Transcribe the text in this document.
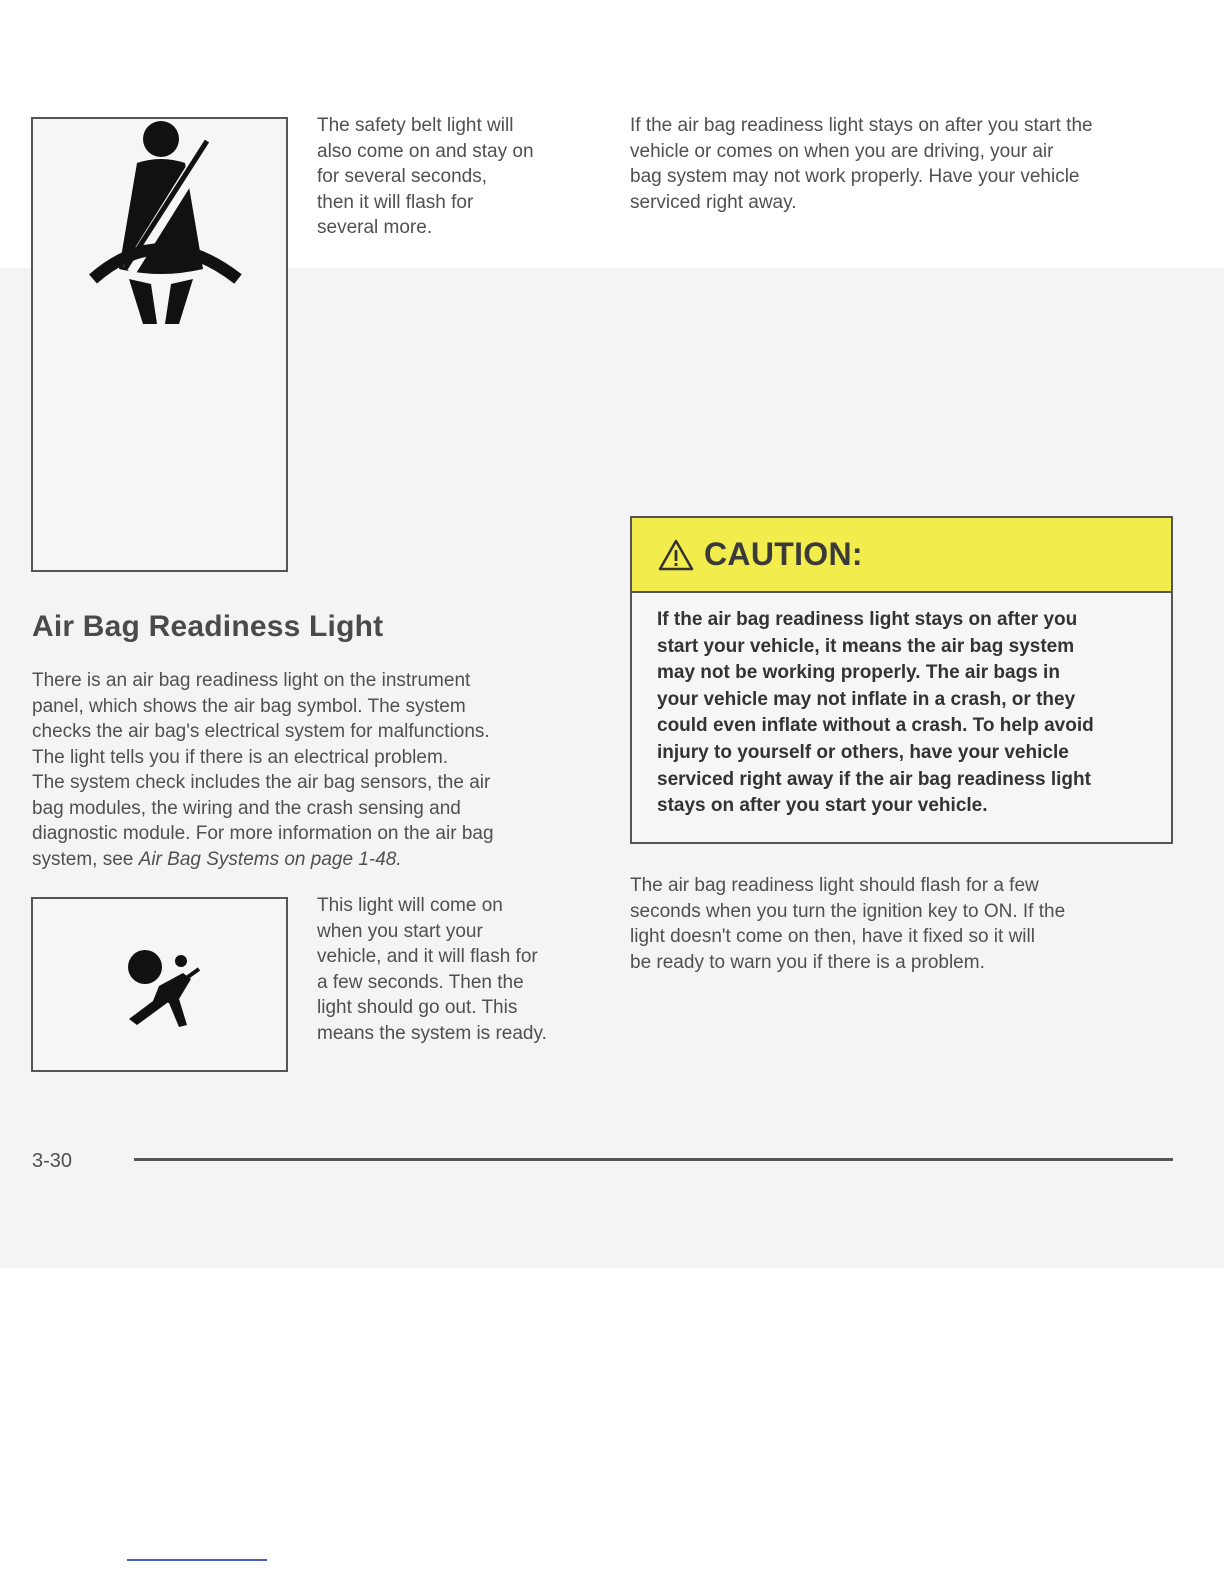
The safety belt light will
also come on and stay on
for several seconds,
then it will flash for
several more.
Air Bag Readiness Light
There is an air bag readiness light on the instrument
panel, which shows the air bag symbol. The system
checks the air bag's electrical system for malfunctions.
The light tells you if there is an electrical problem.
The system check includes the air bag sensors, the air
bag modules, the wiring and the crash sensing and
diagnostic module. For more information on the air bag
system, see Air Bag Systems on page 1-48.
This light will come on
when you start your
vehicle, and it will flash for
a few seconds. Then the
light should go out. This
means the system is ready.
If the air bag readiness light stays on after you start the
vehicle or comes on when you are driving, your air
bag system may not work properly. Have your vehicle
serviced right away.
CAUTION:
If the air bag readiness light stays on after you
start your vehicle, it means the air bag system
may not be working properly. The air bags in
your vehicle may not inflate in a crash, or they
could even inflate without a crash. To help avoid
injury to yourself or others, have your vehicle
serviced right away if the air bag readiness light
stays on after you start your vehicle.
The air bag readiness light should flash for a few
seconds when you turn the ignition key to ON. If the
light doesn't come on then, have it fixed so it will
be ready to warn you if there is a problem.
3-30
